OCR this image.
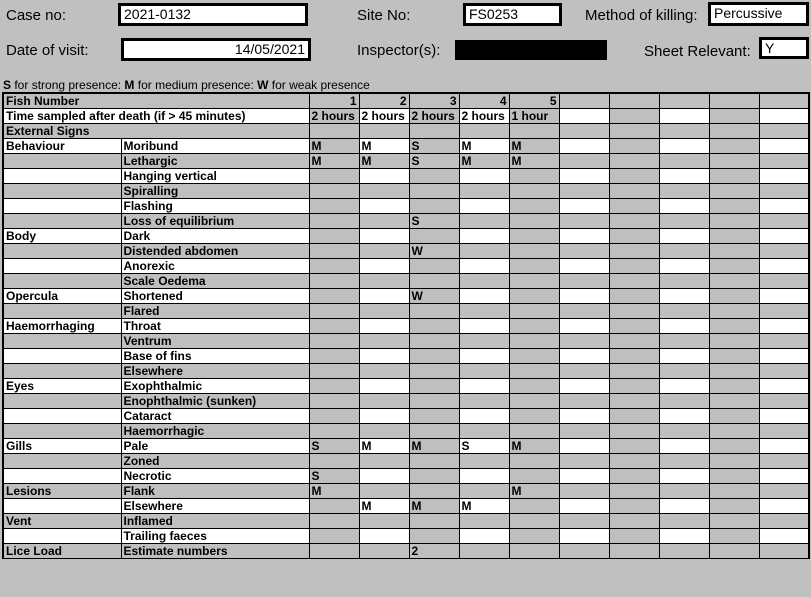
Case no:	2021-0132	Site No:	FS0253	Method of killing:	Percussive
Date of visit:	14/05/2021	Inspector(s):	Sheet Relevant:	Y
S for strong presence: M for medium presence: W for weak presence
Fish Number		1	2	3	4	5					
Time sampled after death (if > 45 minutes)		2 hours	2 hours	2 hours	2 hours	1 hour					

External Signs											
Behaviour	Moribund	M	M	S	M	M					
	Lethargic	M	M	S	M	M					
	Hanging vertical										
	Spiralling										
	Flashing										
	Loss of equilibrium			S							
Body	Dark										
	Distended abdomen			W							
	Anorexic										
	Scale Oedema										
Opercula	Shortened			W							
	Flared										
Haemorrhaging	Throat										
	Ventrum										
	Base of fins										
	Elsewhere										
Eyes	Exophthalmic										
	Enophthalmic (sunken)										
	Cataract										
	Haemorrhagic										
Gills	Pale	S	M	M	S	M					
	Zoned										
	Necrotic	S									
Lesions	Flank	M				M					
	Elsewhere		M	M	M						
Vent	Inflamed										
	Trailing faeces										
Lice Load	Estimate numbers			2							
